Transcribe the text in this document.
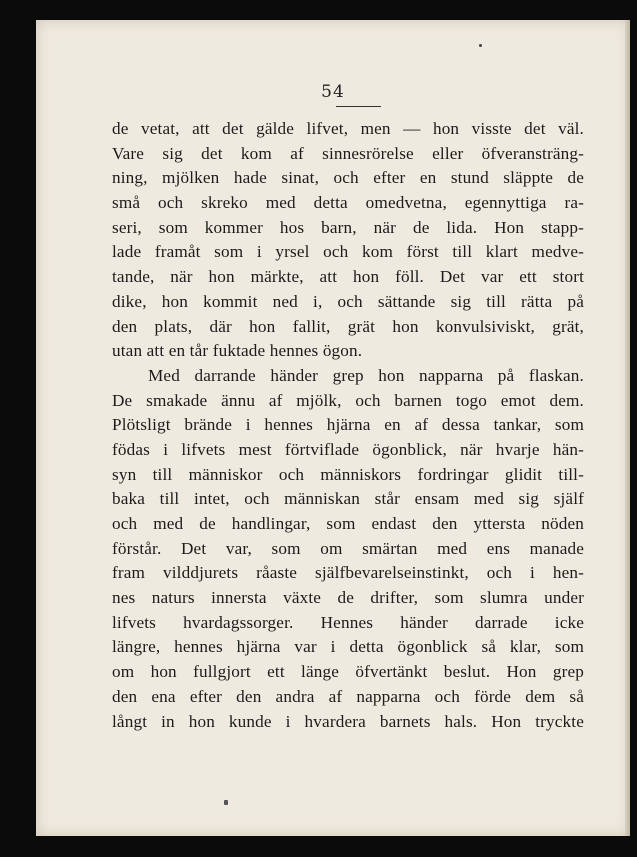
54
de vetat, att det gälde lifvet, men — hon visste det väl.
Vare sig det kom af sinnesrörelse eller öfveransträng-
ning, mjölken hade sinat, och efter en stund släppte de
små och skreko med detta omedvetna, egennyttiga ra-
seri, som kommer hos barn, när de lida. Hon stapp-
lade framåt som i yrsel och kom först till klart medve-
tande, när hon märkte, att hon föll. Det var ett stort
dike, hon kommit ned i, och sättande sig till rätta på
den plats, där hon fallit, grät hon konvulsiviskt, grät,
utan att en tår fuktade hennes ögon.
Med darrande händer grep hon napparna på flaskan.
De smakade ännu af mjölk, och barnen togo emot dem.
Plötsligt brände i hennes hjärna en af dessa tankar, som
födas i lifvets mest förtviflade ögonblick, när hvarje hän-
syn till människor och människors fordringar glidit till-
baka till intet, och människan står ensam med sig själf
och med de handlingar, som endast den yttersta nöden
förstår. Det var, som om smärtan med ens manade
fram vilddjurets råaste själfbevarelseinstinkt, och i hen-
nes naturs innersta växte de drifter, som slumra under
lifvets hvardagssorger. Hennes händer darrade icke
längre, hennes hjärna var i detta ögonblick så klar, som
om hon fullgjort ett länge öfvertänkt beslut. Hon grep
den ena efter den andra af napparna och förde dem så
långt in hon kunde i hvardera barnets hals. Hon tryckte
